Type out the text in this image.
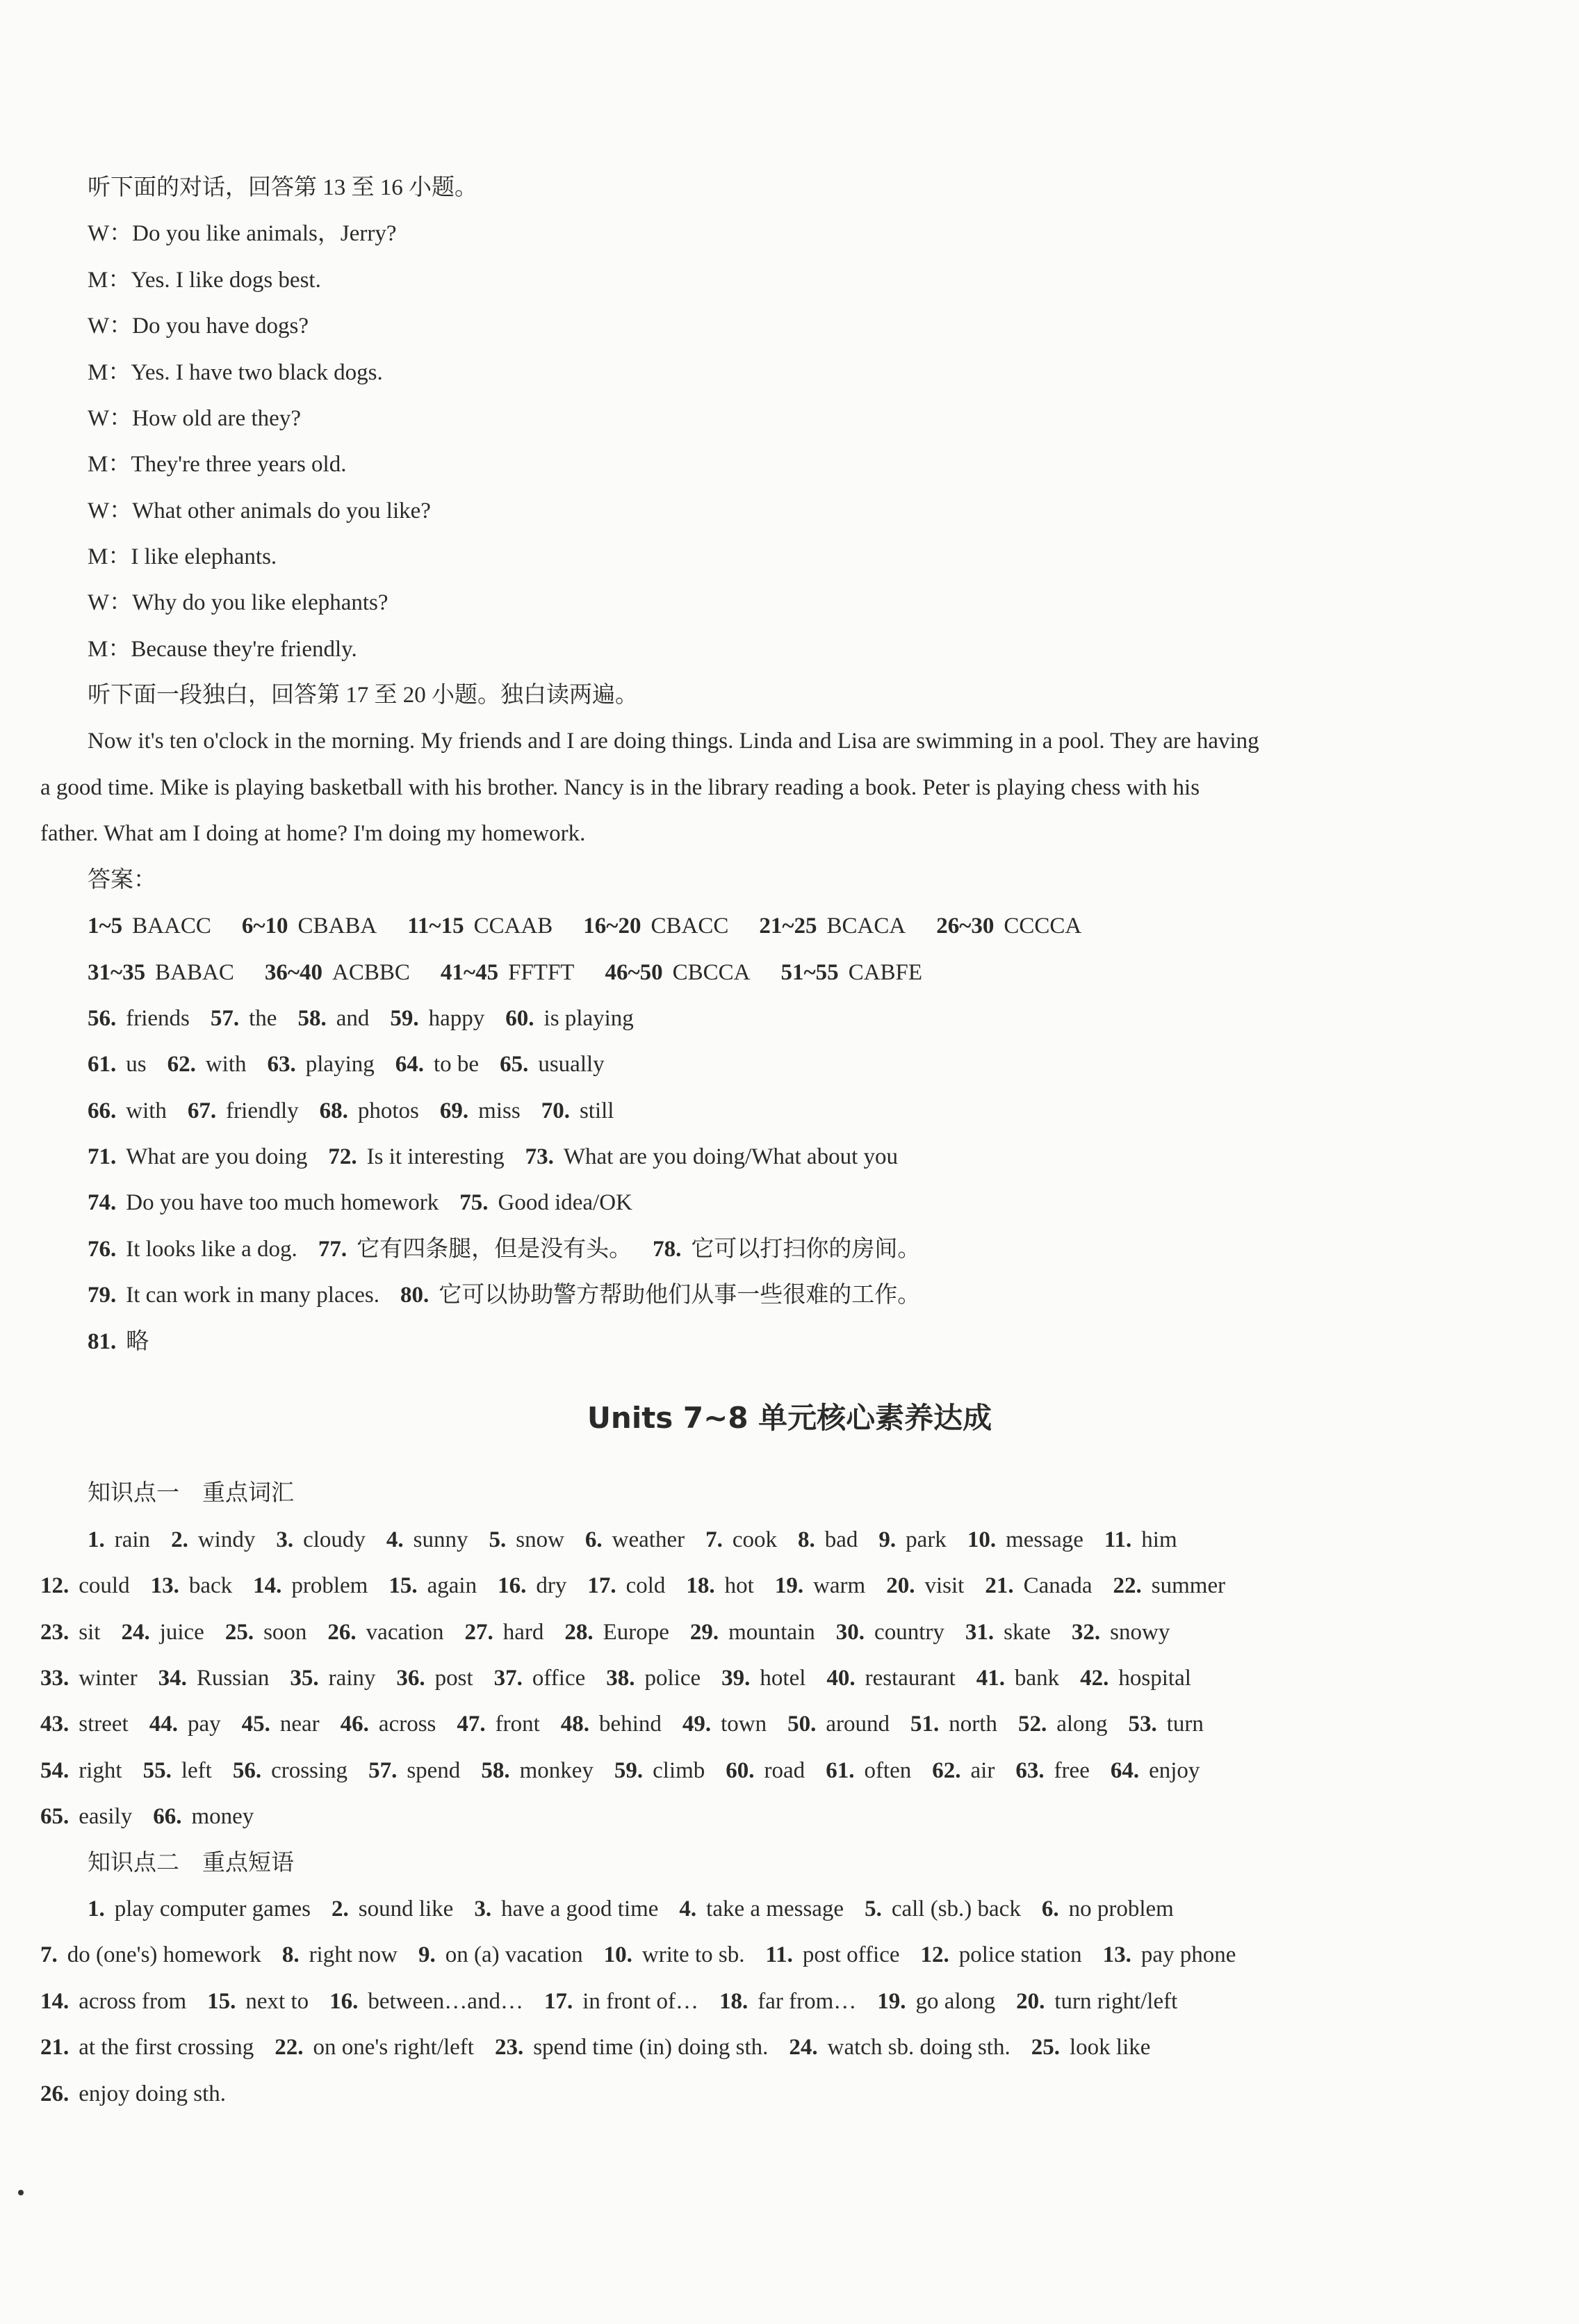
听下面的对话，回答第 13 至 16 小题。
W：Do you like animals，Jerry?
M：Yes. I like dogs best.
W：Do you have dogs?
M：Yes. I have two black dogs.
W：How old are they?
M：They're three years old.
W：What other animals do you like?
M：I like elephants.
W：Why do you like elephants?
M：Because they're friendly.
听下面一段独白，回答第 17 至 20 小题。独白读两遍。
Now it's ten o'clock in the morning. My friends and I are doing things. Linda and Lisa are swimming in a pool. They are having
a good time. Mike is playing basketball with his brother. Nancy is in the library reading a book. Peter is playing chess with his
father. What am I doing at home? I'm doing my homework.
答案：
1~5 BAACC 6~10 CBABA 11~15 CCAAB 16~20 CBACC 21~25 BCACA 26~30 CCCCA
31~35 BABAC 36~40 ACBBC 41~45 FFTFT 46~50 CBCCA 51~55 CABFE
56. friends 57. the 58. and 59. happy 60. is playing
61. us 62. with 63. playing 64. to be 65. usually
66. with 67. friendly 68. photos 69. miss 70. still
71. What are you doing 72. Is it interesting 73. What are you doing/What about you
74. Do you have too much homework 75. Good idea/OK
76. It looks like a dog. 77. 它有四条腿，但是没有头。 78. 它可以打扫你的房间。
79. It can work in many places. 80. 它可以协助警方帮助他们从事一些很难的工作。
81. 略
Units 7~8 单元核心素养达成
知识点一　重点词汇
1. rain 2. windy 3. cloudy 4. sunny 5. snow 6. weather 7. cook 8. bad 9. park 10. message 11. him
12. could 13. back 14. problem 15. again 16. dry 17. cold 18. hot 19. warm 20. visit 21. Canada 22. summer
23. sit 24. juice 25. soon 26. vacation 27. hard 28. Europe 29. mountain 30. country 31. skate 32. snowy
33. winter 34. Russian 35. rainy 36. post 37. office 38. police 39. hotel 40. restaurant 41. bank 42. hospital
43. street 44. pay 45. near 46. across 47. front 48. behind 49. town 50. around 51. north 52. along 53. turn
54. right 55. left 56. crossing 57. spend 58. monkey 59. climb 60. road 61. often 62. air 63. free 64. enjoy
65. easily 66. money
知识点二　重点短语
1. play computer games 2. sound like 3. have a good time 4. take a message 5. call (sb.) back 6. no problem
7. do (one's) homework 8. right now 9. on (a) vacation 10. write to sb. 11. post office 12. police station 13. pay phone
14. across from 15. next to 16. between…and… 17. in front of… 18. far from… 19. go along 20. turn right/left
21. at the first crossing 22. on one's right/left 23. spend time (in) doing sth. 24. watch sb. doing sth. 25. look like
26. enjoy doing sth.
